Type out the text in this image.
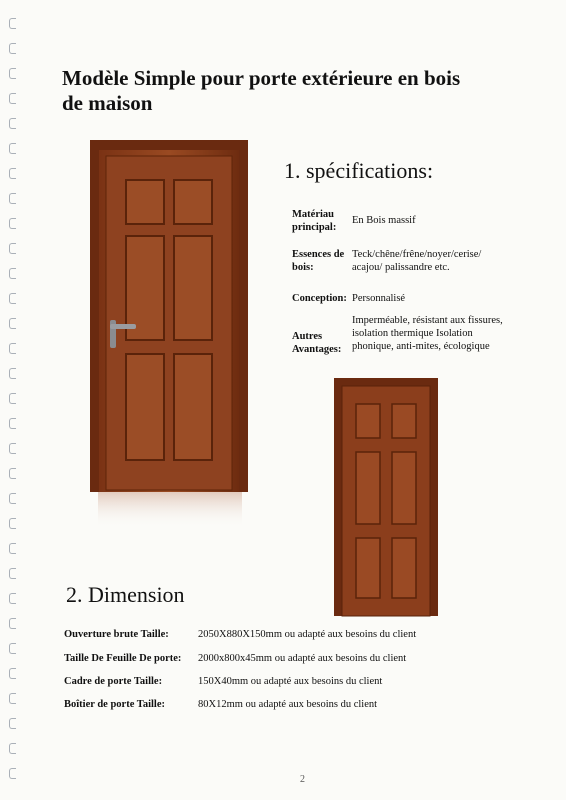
Modèle Simple pour porte extérieure en bois de maison
1. spécifications:
Matériau principal:
En Bois massif
Essences de bois:
Teck/chêne/frêne/noyer/cerise/ acajou/ palissandre etc.
Conception: Personnalisé
Autres Avantages:
Imperméable, résistant aux fissures, isolation thermique Isolation phonique, anti-mites, écologique
2. Dimension
Ouverture brute Taille:	2050X880X150mm ou adapté aux besoins du client
Taille De Feuille De porte: 2000x800x45mm ou adapté aux besoins du client
Cadre de porte Taille:	150X40mm ou adapté aux besoins du client
Boîtier de porte Taille:	80X12mm ou adapté aux besoins du client
2
